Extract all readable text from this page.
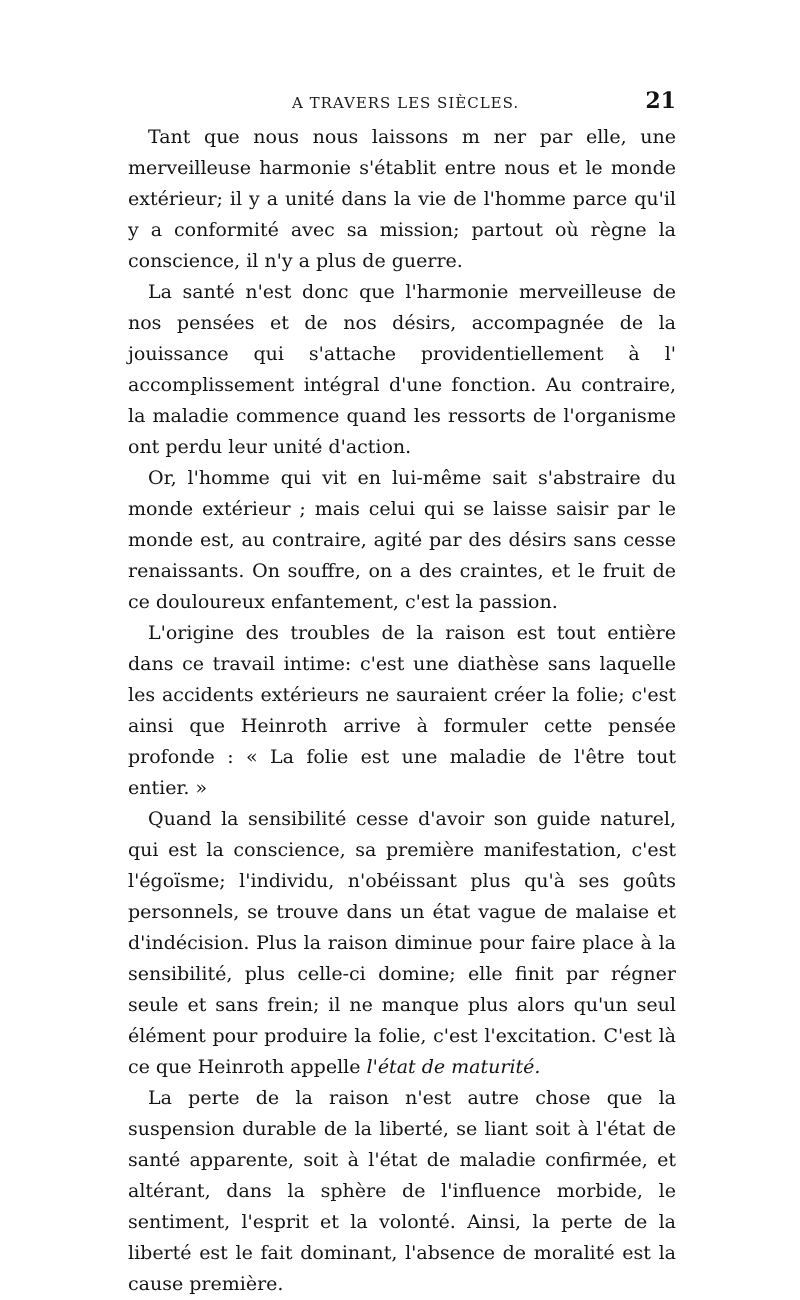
A TRAVERS LES SIÈCLES.	21

Tant que nous nous laissons m ner par elle, une merveilleuse harmonie s'établit entre nous et le monde extérieur; il y a unité dans la vie de l'homme parce qu'il y a conformité avec sa mission; partout où règne la conscience, il n'y a plus de guerre.

La santé n'est donc que l'harmonie merveilleuse de nos pensées et de nos désirs, accompagnée de la jouissance qui s'attache providentiellement à l' accomplissement intégral d'une fonction. Au contraire, la maladie commence quand les ressorts de l'organisme ont perdu leur unité d'action.

Or, l'homme qui vit en lui-même sait s'abstraire du monde extérieur ; mais celui qui se laisse saisir par le monde est, au contraire, agité par des désirs sans cesse renaissants. On souffre, on a des craintes, et le fruit de ce douloureux enfantement, c'est la passion.

L'origine des troubles de la raison est tout entière dans ce travail intime: c'est une diathèse sans laquelle les accidents extérieurs ne sauraient créer la folie; c'est ainsi que Heinroth arrive à formuler cette pensée profonde : « La folie est une maladie de l'être tout entier. »

Quand la sensibilité cesse d'avoir son guide naturel, qui est la conscience, sa première manifestation, c'est l'égoïsme; l'individu, n'obéissant plus qu'à ses goûts personnels, se trouve dans un état vague de malaise et d'indécision. Plus la raison diminue pour faire place à la sensibilité, plus celle-ci domine; elle finit par régner seule et sans frein; il ne manque plus alors qu'un seul élément pour produire la folie, c'est l'excitation. C'est là ce que Heinroth appelle l'état de maturité.

La perte de la raison n'est autre chose que la suspension durable de la liberté, se liant soit à l'état de santé apparente, soit à l'état de maladie confirmée, et altérant, dans la sphère de l'influence morbide, le sentiment, l'esprit et la volonté. Ainsi, la perte de la liberté est le fait dominant, l'absence de moralité est la cause première.
